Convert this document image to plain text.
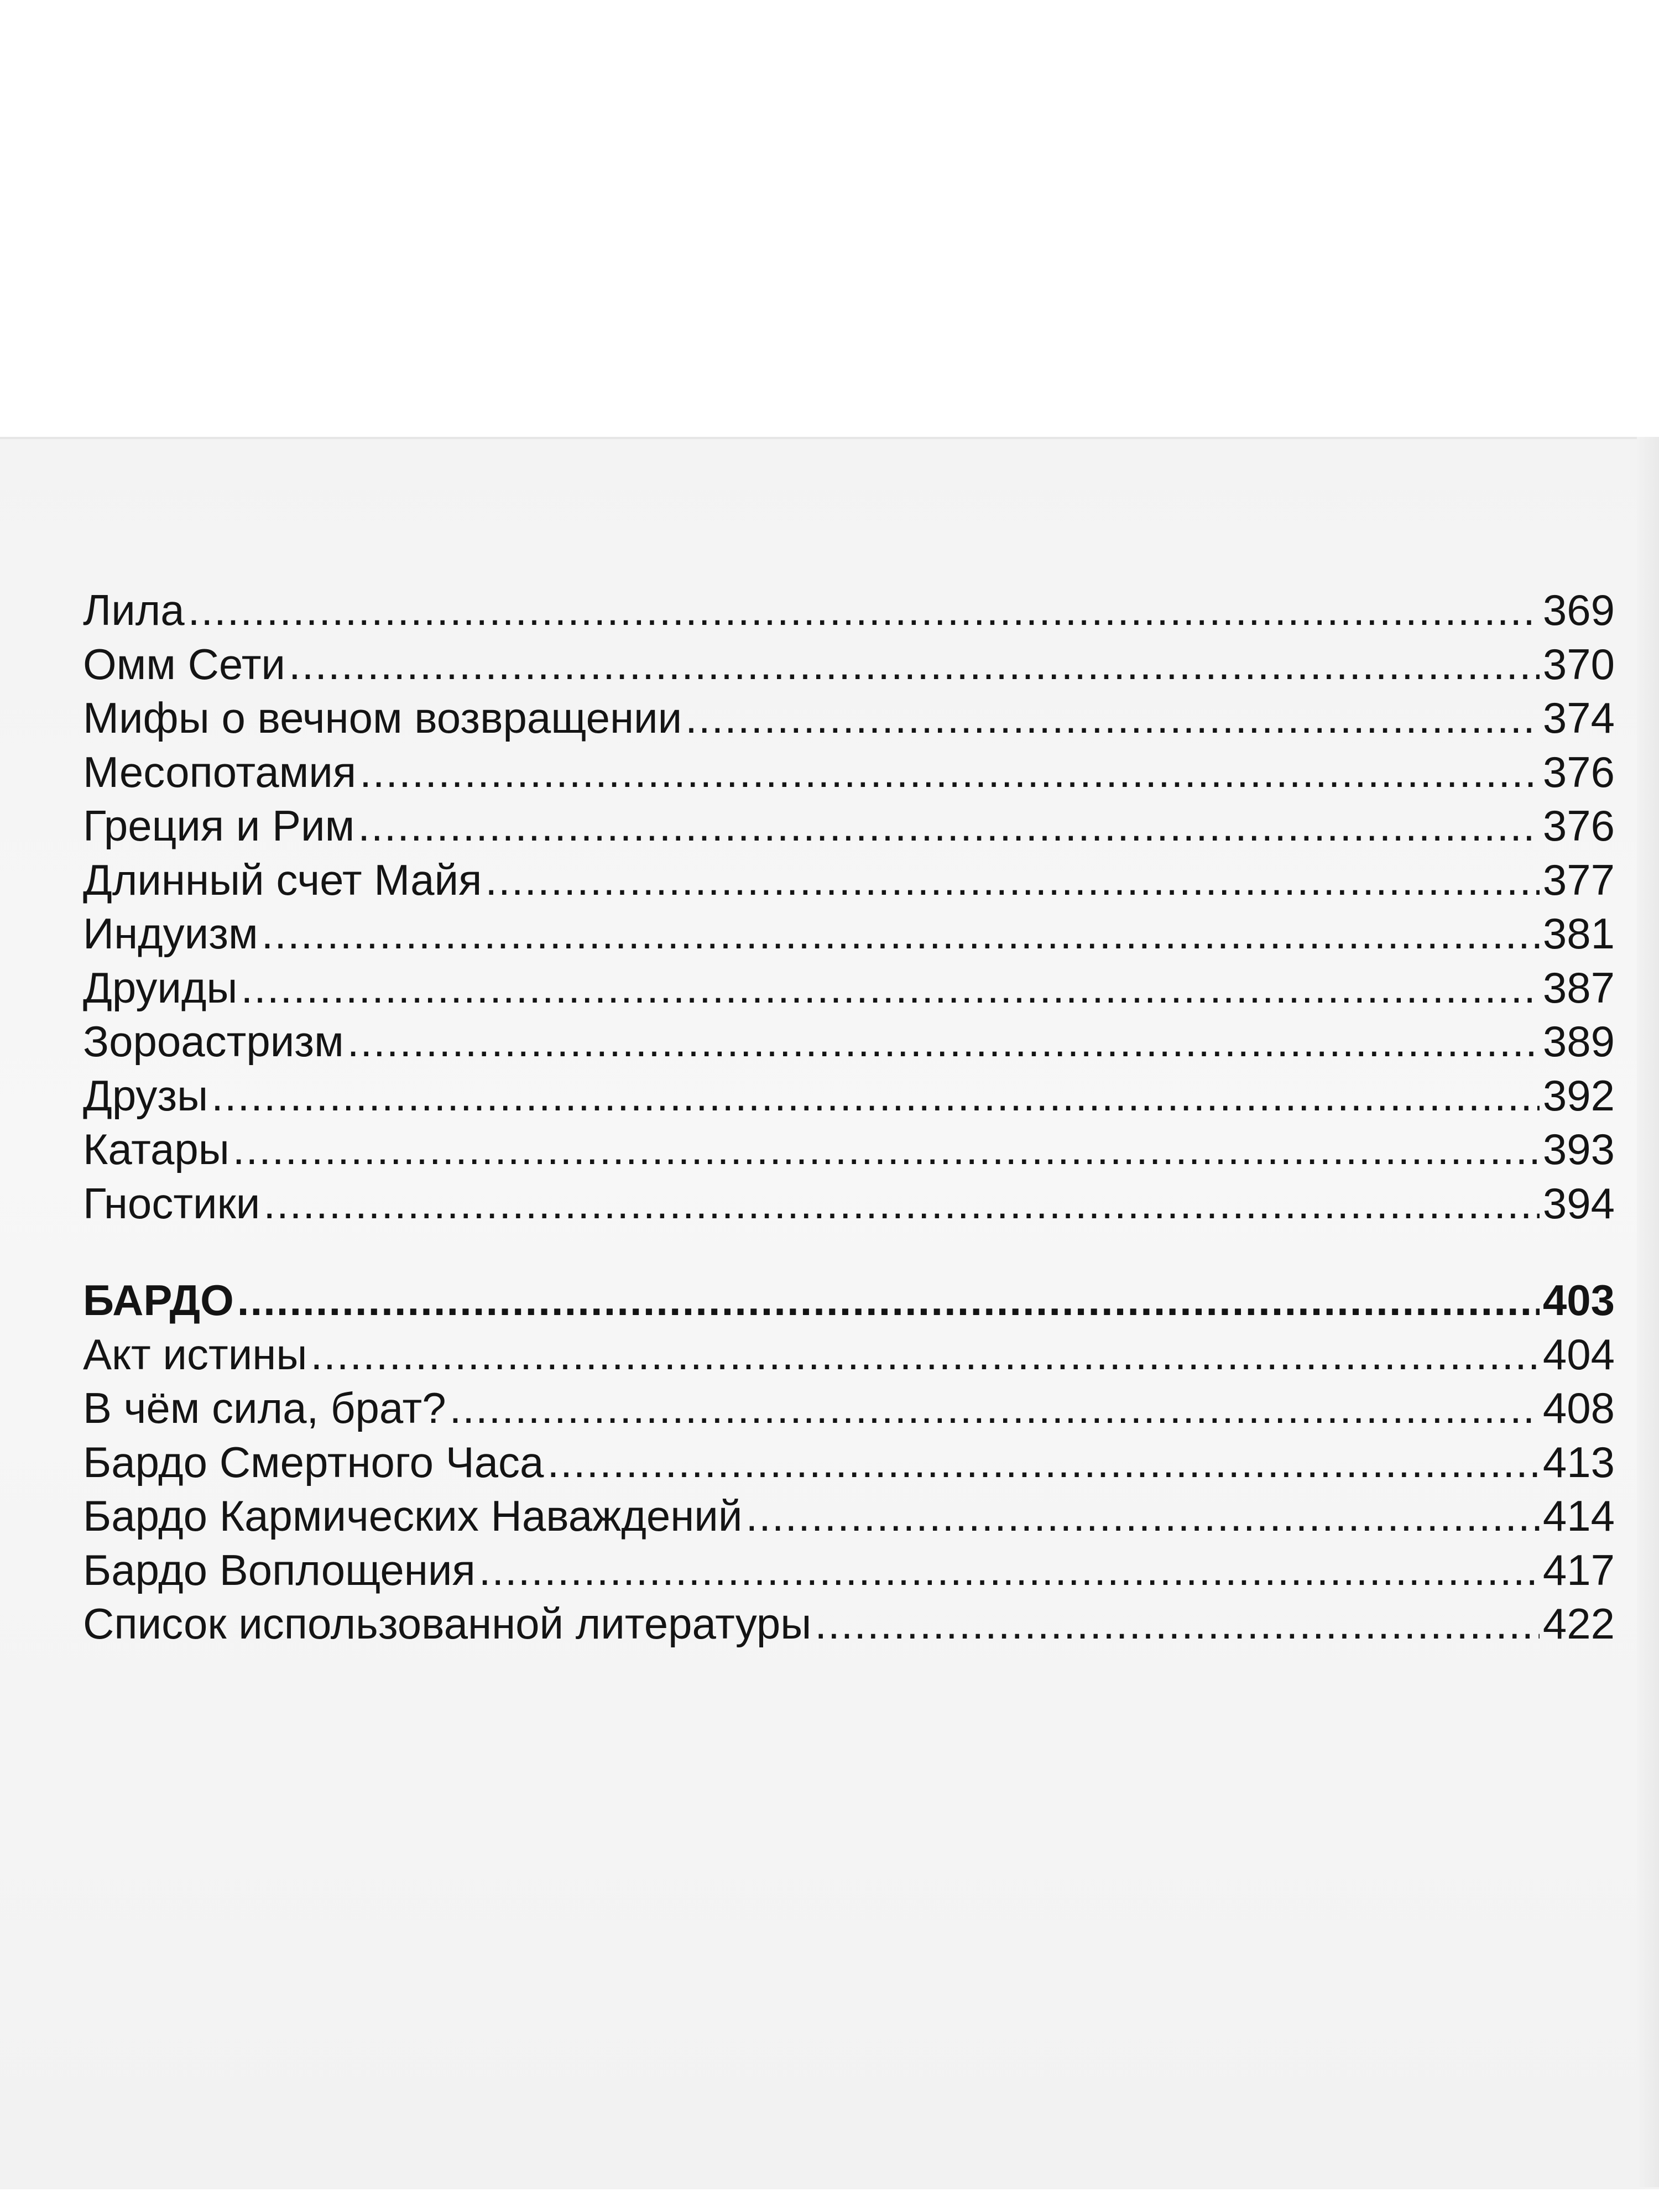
Лила .....	369
Омм Сети .....	370
Мифы о вечном возвращении .....	374
Месопотамия .....	376
Греция и Рим .....	376
Длинный счет Майя .....	377
Индуизм .....	381
Друиды .....	387
Зороастризм .....	389
Друзы .....	392
Катары .....	393
Гностики .....	394
БАРДО .....	403
Акт истины .....	404
В чём сила, брат? .....	408
Бардо Смертного Часа .....	413
Бардо Кармических Наваждений .....	414
Бардо Воплощения .....	417
Список использованной литературы .....	422
